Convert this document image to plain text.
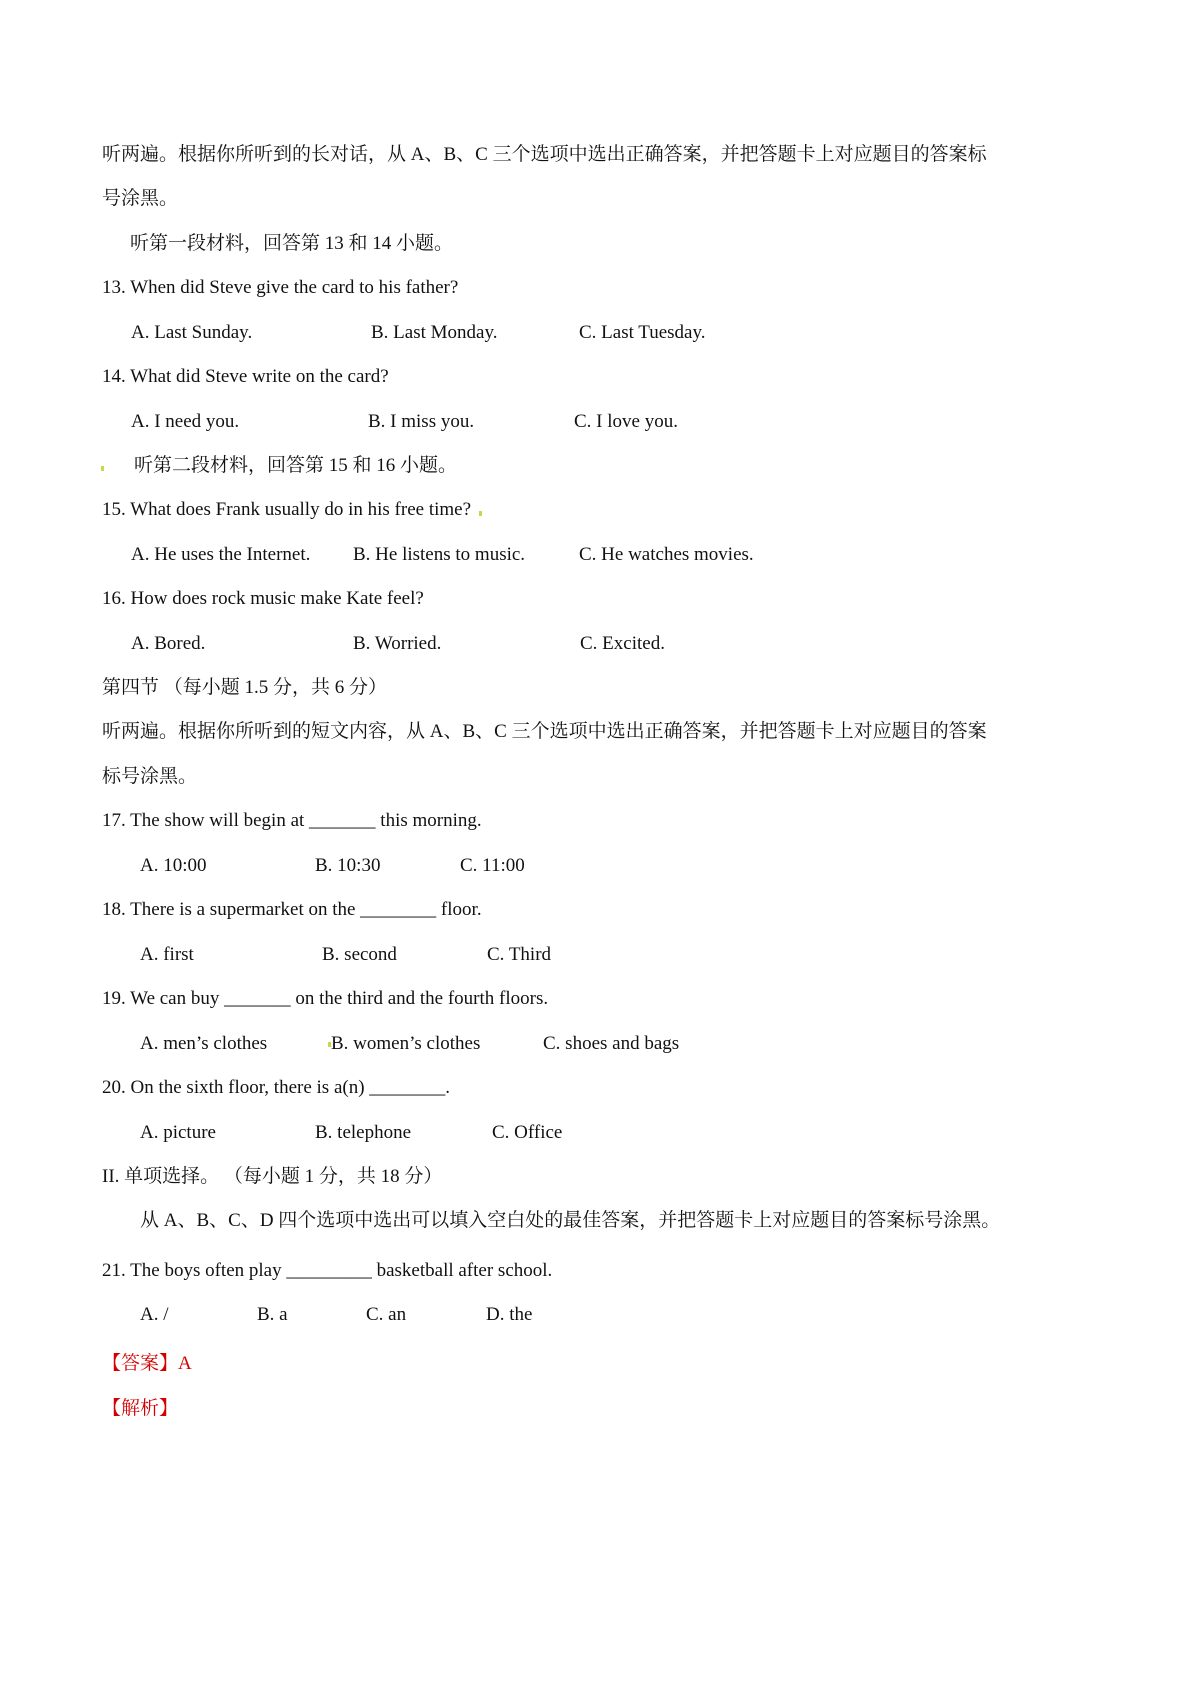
听两遍。根据你所听到的长对话，从 A、B、C 三个选项中选出正确答案，并把答题卡上对应题目的答案标
号涂黑。
听第一段材料，回答第 13 和 14 小题。
13. When did Steve give the card to his father?
A. Last Sunday.	B. Last Monday.	C. Last Tuesday.
14. What did Steve write on the card?
A. I need you.	B. I miss you.	C. I love you.
听第二段材料，回答第 15 和 16 小题。
15. What does Frank usually do in his free time?
A. He uses the Internet. B. He listens to music.	C. He watches movies.
16. How does rock music make Kate feel?
A. Bored.	B. Worried.	C. Excited.
第四节 （每小题 1.5 分，共 6 分）
听两遍。根据你所听到的短文内容，从 A、B、C 三个选项中选出正确答案，并把答题卡上对应题目的答案
标号涂黑。
17. The show will begin at _______ this morning.
A. 10:00	B. 10:30	C. 11:00
18. There is a supermarket on the ________ floor.
A. first	B. second	C. Third
19. We can buy _______ on the third and the fourth floors.
A. men’s clothes	B. women’s clothes	C. shoes and bags
20. On the sixth floor, there is a(n) ________.
A. picture	B. telephone	C. Office
II. 单项选择。 （每小题 1 分，共 18 分）
从 A、B、C、D 四个选项中选出可以填入空白处的最佳答案，并把答题卡上对应题目的答案标号涂黑。
21. The boys often play _________ basketball after school.
A. /	B. a	C. an	D. the
【答案】A
【解析】
